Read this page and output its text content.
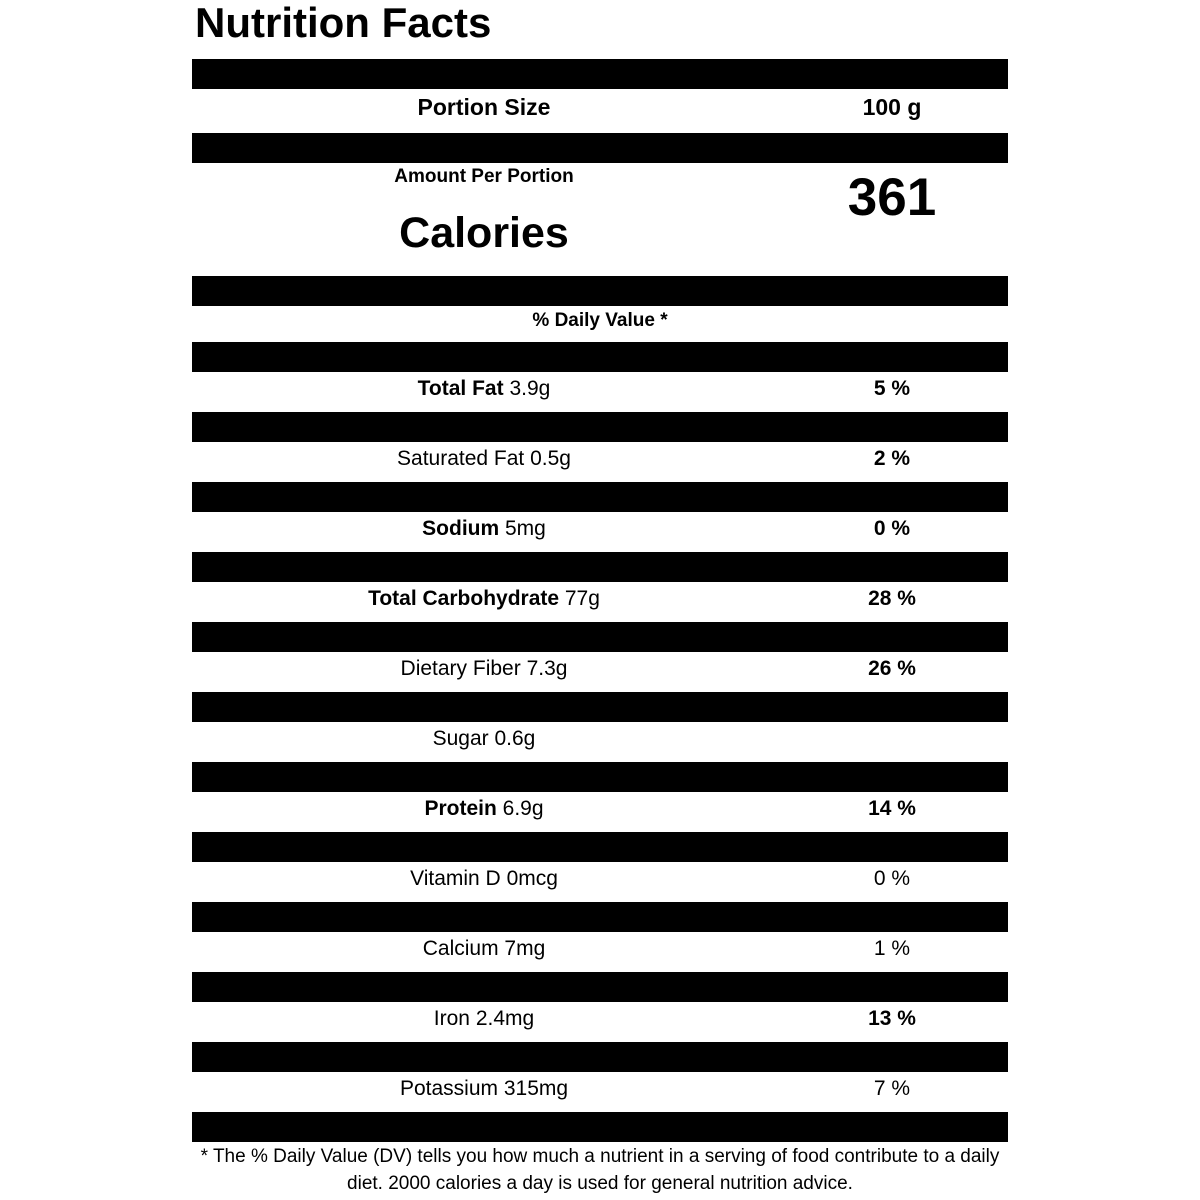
Nutrition Facts
Portion Size	100 g
Amount Per Portion
Calories
361
% Daily Value *
Total Fat 3.9g	5 %
Saturated Fat 0.5g	2 %
Sodium 5mg	0 %
Total Carbohydrate 77g	28 %
Dietary Fiber 7.3g	26 %
Sugar 0.6g
Protein 6.9g	14 %
Vitamin D 0mcg	0 %
Calcium 7mg	1 %
Iron 2.4mg	13 %
Potassium 315mg	7 %
* The % Daily Value (DV) tells you how much a nutrient in a serving of food contribute to a daily diet. 2000 calories a day is used for general nutrition advice.
